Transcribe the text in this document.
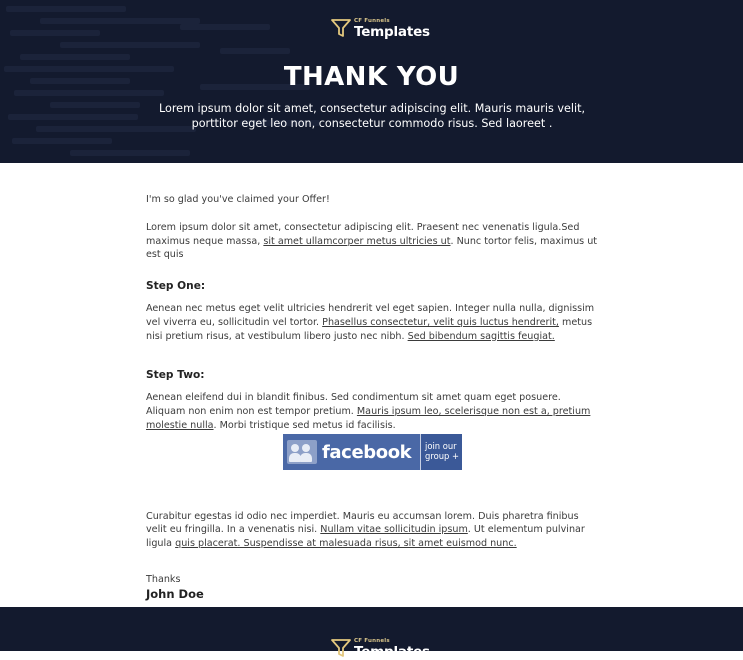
CF Funnels
Templates
THANK YOU
Lorem ipsum dolor sit amet, consectetur adipiscing elit. Mauris mauris velit, porttitor eget leo non, consectetur commodo risus. Sed laoreet .

I'm so glad you've claimed your Offer!

Lorem ipsum dolor sit amet, consectetur adipiscing elit. Praesent nec venenatis ligula.Sed maximus neque massa, sit amet ullamcorper metus ultricies ut. Nunc tortor felis, maximus ut est quis

Step One:

Aenean nec metus eget velit ultricies hendrerit vel eget sapien. Integer nulla nulla, dignissim vel viverra eu, sollicitudin vel tortor. Phasellus consectetur, velit quis luctus hendrerit, metus nisi pretium risus, at vestibulum libero justo nec nibh. Sed bibendum sagittis feugiat.

Step Two:

Aenean eleifend dui in blandit finibus. Sed condimentum sit amet quam eget posuere. Aliquam non enim non est tempor pretium. Mauris ipsum leo, scelerisque non est a, pretium molestie nulla. Morbi tristique sed metus id facilisis.

Curabitur egestas id odio nec imperdiet. Mauris eu accumsan lorem. Duis pharetra finibus velit eu fringilla. In a venenatis nisi. Nullam vitae sollicitudin ipsum. Ut elementum pulvinar ligula quis placerat. Suspendisse at malesuada risus, sit amet euismod nunc.

Thanks

John Doe

facebook	join our group +
CF Funnels
Templates
